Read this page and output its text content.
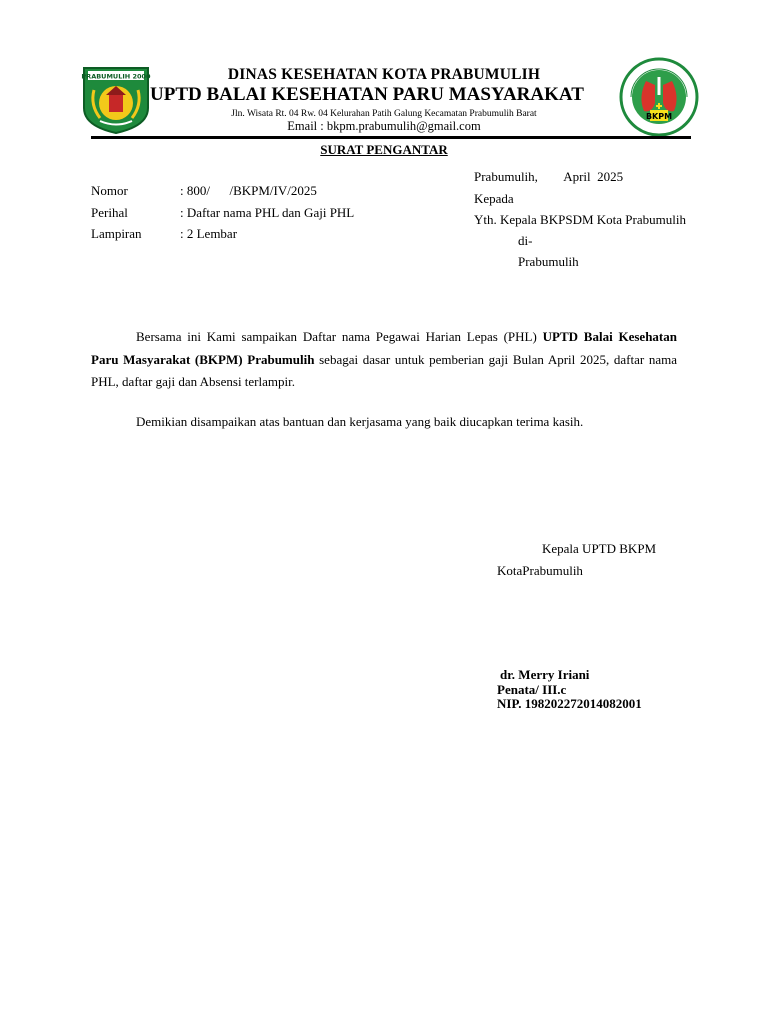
PRABUMULIH 2000	DINAS KESEHATAN KOTA PRABUMULIH
UPTD BALAI KESEHATAN PARU MASYARAKAT
Jln. Wisata Rt. 04 Rw. 04 Kelurahan Patih Galung Kecamatan Prabumulih Barat
Email : bkpm.prabumulih@gmail.com
BKPM
SURAT PENGANTAR
Nomor	: 800/      /BKPM/IV/2025
Perihal	: Daftar nama PHL dan Gaji PHL
Lampiran	: 2 Lembar
Prabumulih,        April  2025
Kepada
Yth. Kepala BKPSDM Kota Prabumulih
di-
Prabumulih
Bersama ini Kami sampaikan Daftar nama Pegawai Harian Lepas (PHL) UPTD Balai Kesehatan Paru Masyarakat (BKPM) Prabumulih sebagai dasar untuk pemberian gaji Bulan April 2025, daftar nama PHL, daftar gaji dan Absensi terlampir.
Demikian disampaikan atas bantuan dan kerjasama yang baik diucapkan terima kasih.
Kepala UPTD BKPM
KotaPrabumulih
dr. Merry Iriani
Penata/ III.c
NIP. 198202272014082001
